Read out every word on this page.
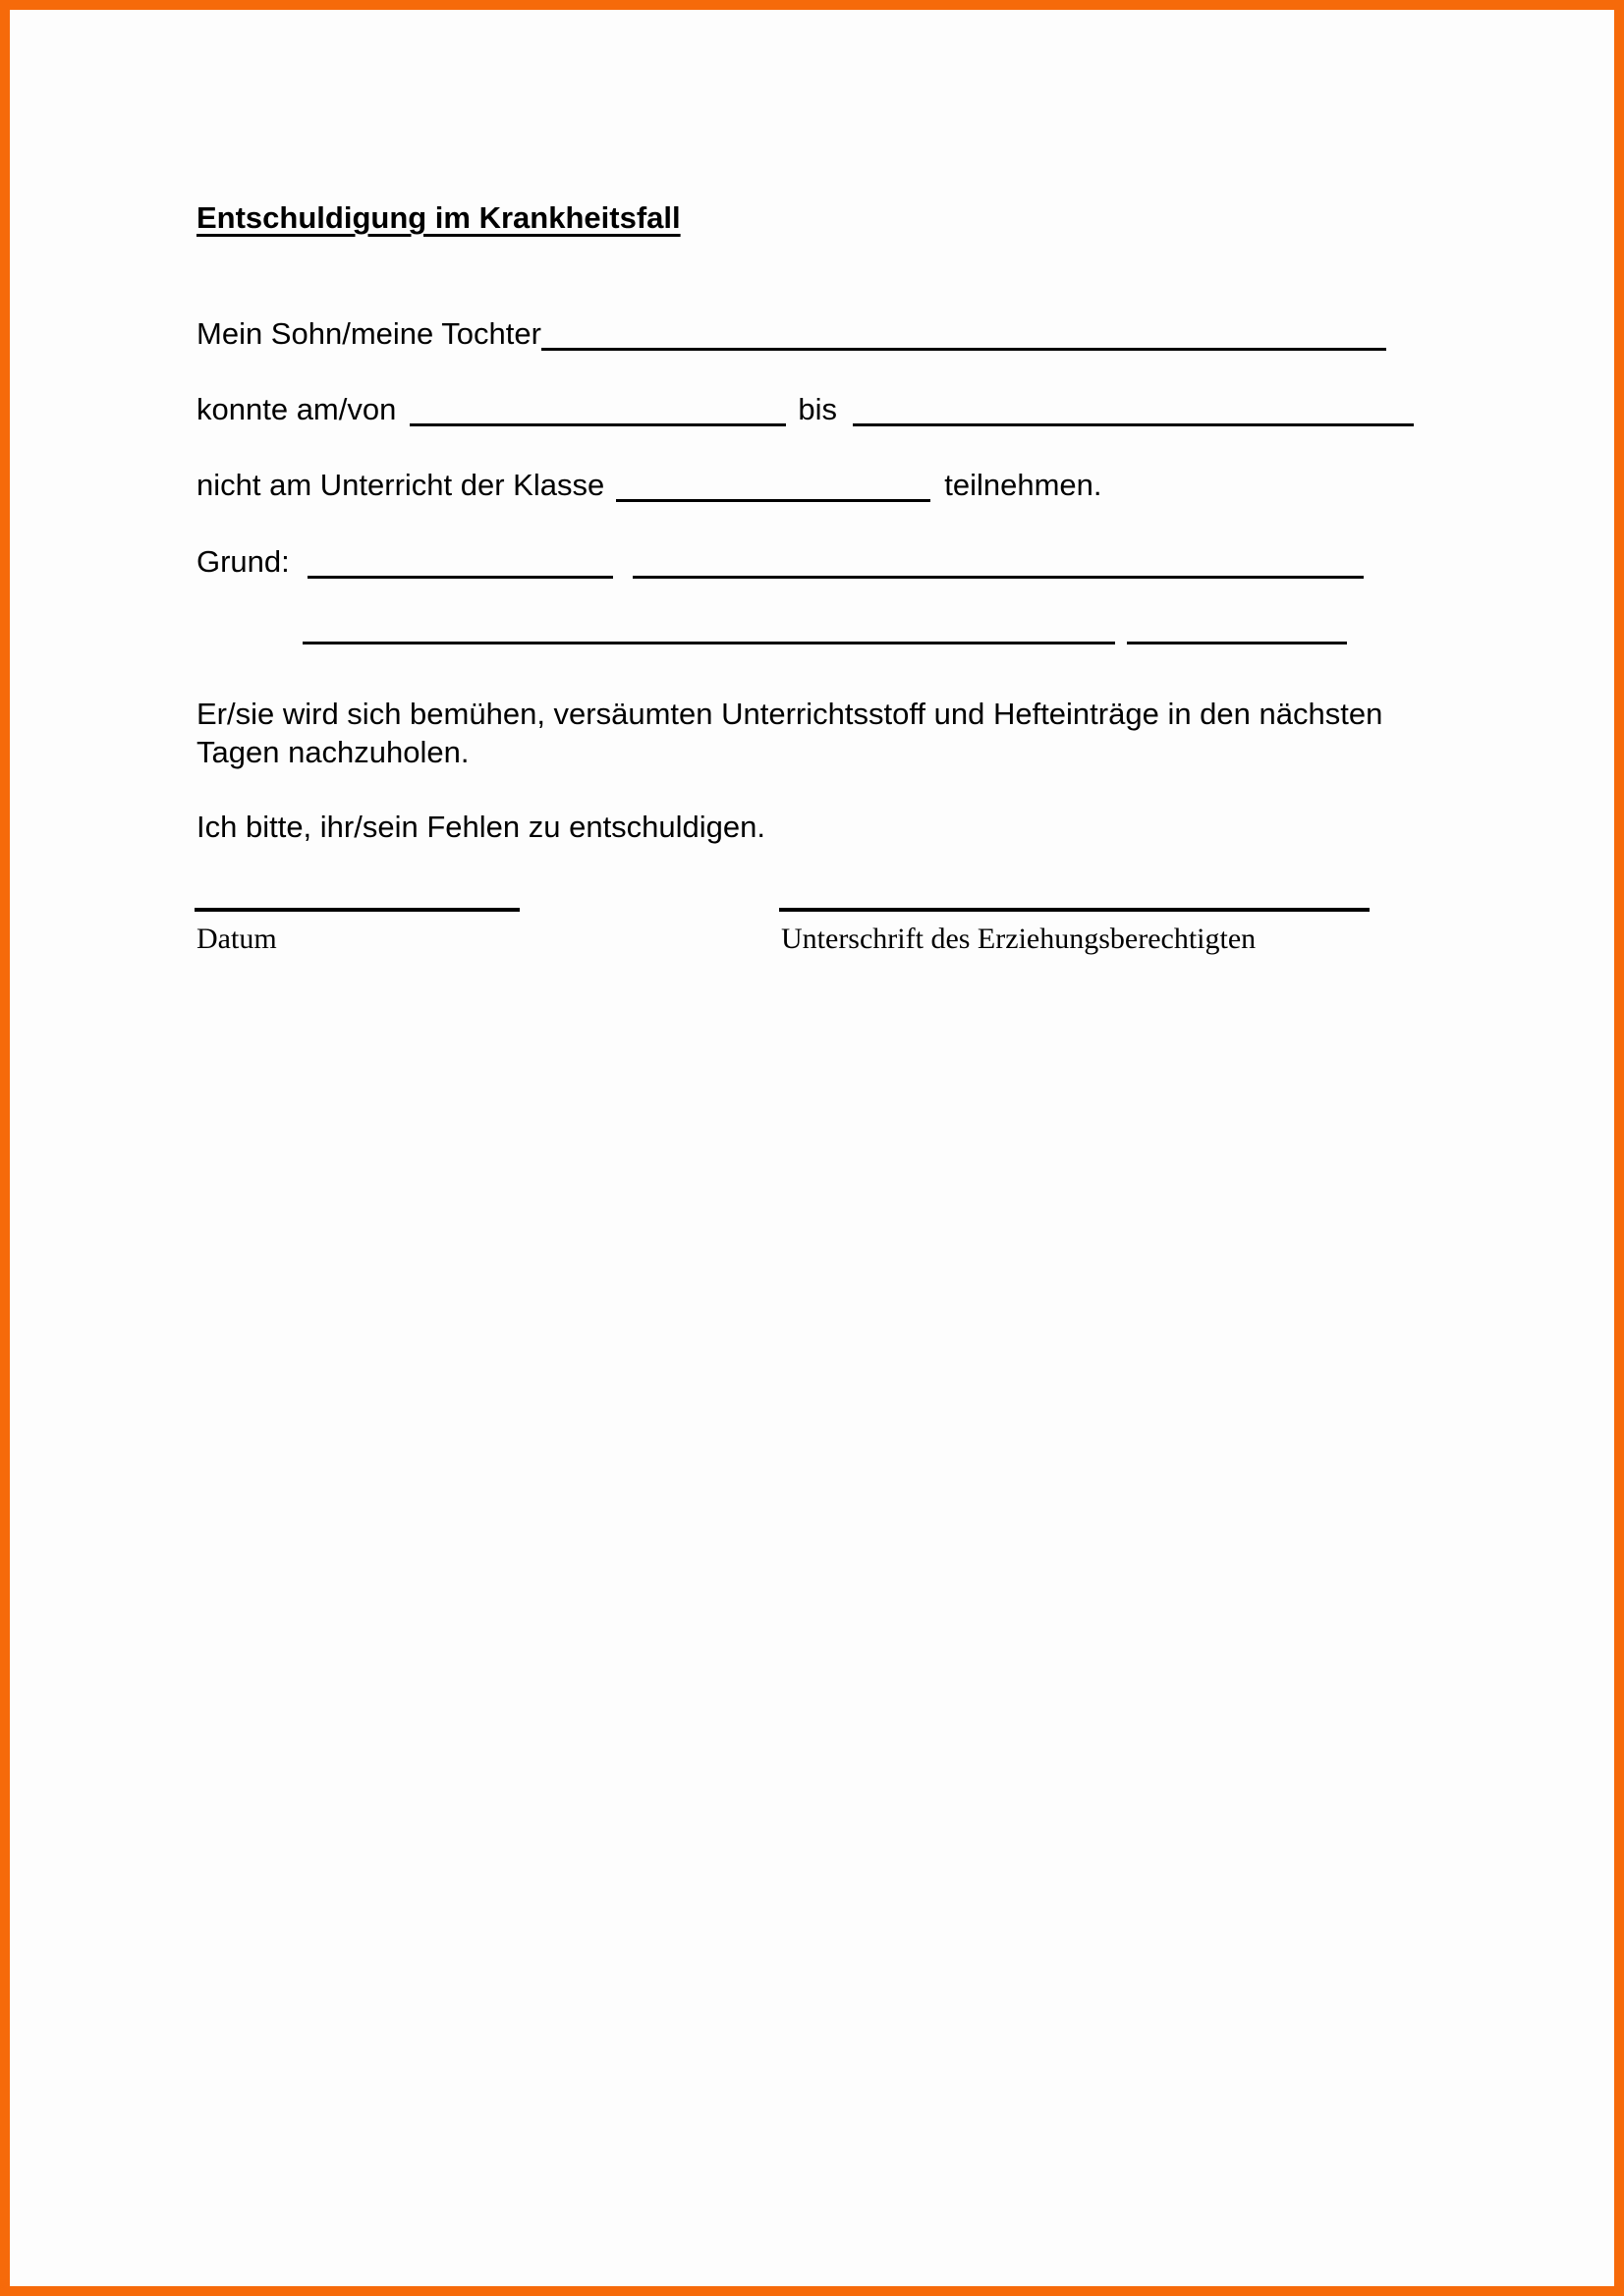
Entschuldigung im Krankheitsfall
Mein Sohn/meine Tochter
konnte am/von	bis
nicht am Unterricht der Klasse	teilnehmen.
Grund:
Er/sie wird sich bemühen, versäumten Unterrichtsstoff und Hefteinträge in den nächsten Tagen nachzuholen.
Ich bitte, ihr/sein Fehlen zu entschuldigen.
Datum	Unterschrift des Erziehungsberechtigten
